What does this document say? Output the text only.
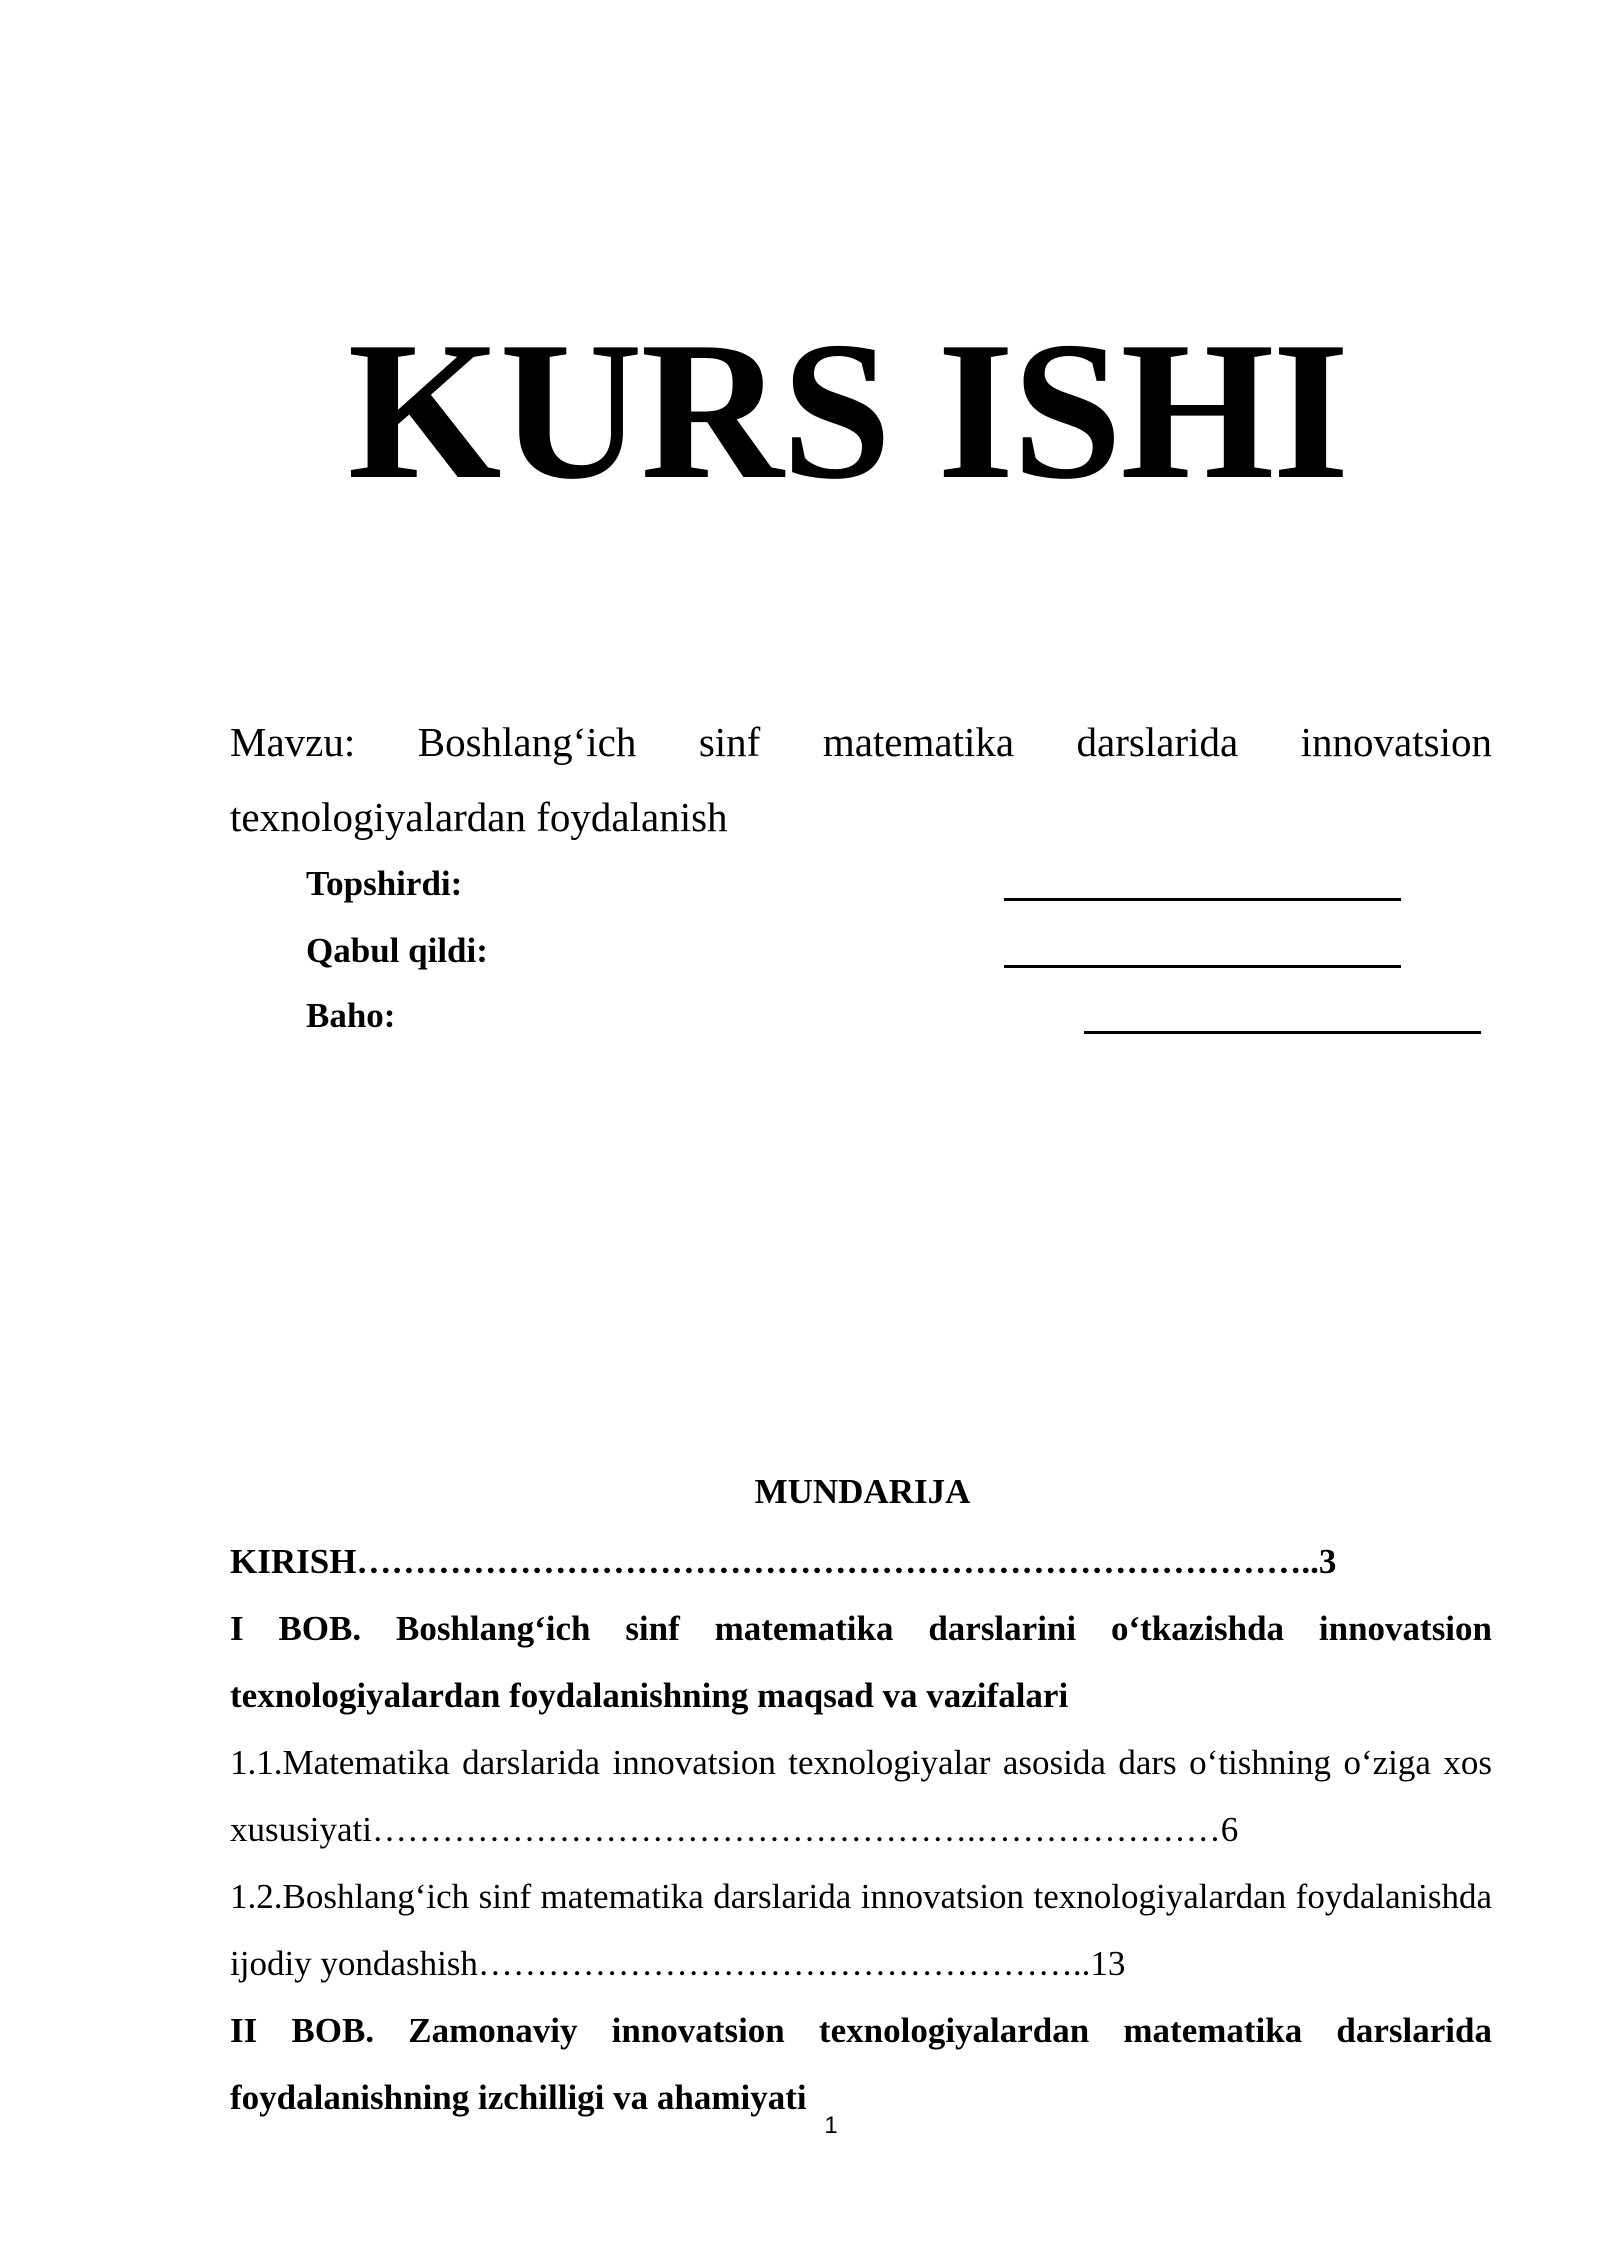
KURS ISHI
Mavzu: Boshlang‘ich sinf matematika darslarida innovatsion texnologiyalardan foydalanish
Topshirdi:
Qabul qildi:
Baho:
MUNDARIJA
KIRISH………………………………………………………………………..3
I BOB. Boshlang‘ich sinf matematika darslarini o‘tkazishda innovatsion texnologiyalardan foydalanishning maqsad va vazifalari
1.1.Matematika darslarida innovatsion texnologiyalar asosida dars o‘tishning o‘ziga xos xususiyati…………………………………………….…………………6
1.2.Boshlang‘ich sinf matematika darslarida innovatsion texnologiyalardan foydalanishda ijodiy yondashish……………………………………………..13
II BOB. Zamonaviy innovatsion texnologiyalardan matematika darslarida foydalanishning izchilligi va ahamiyati
1
